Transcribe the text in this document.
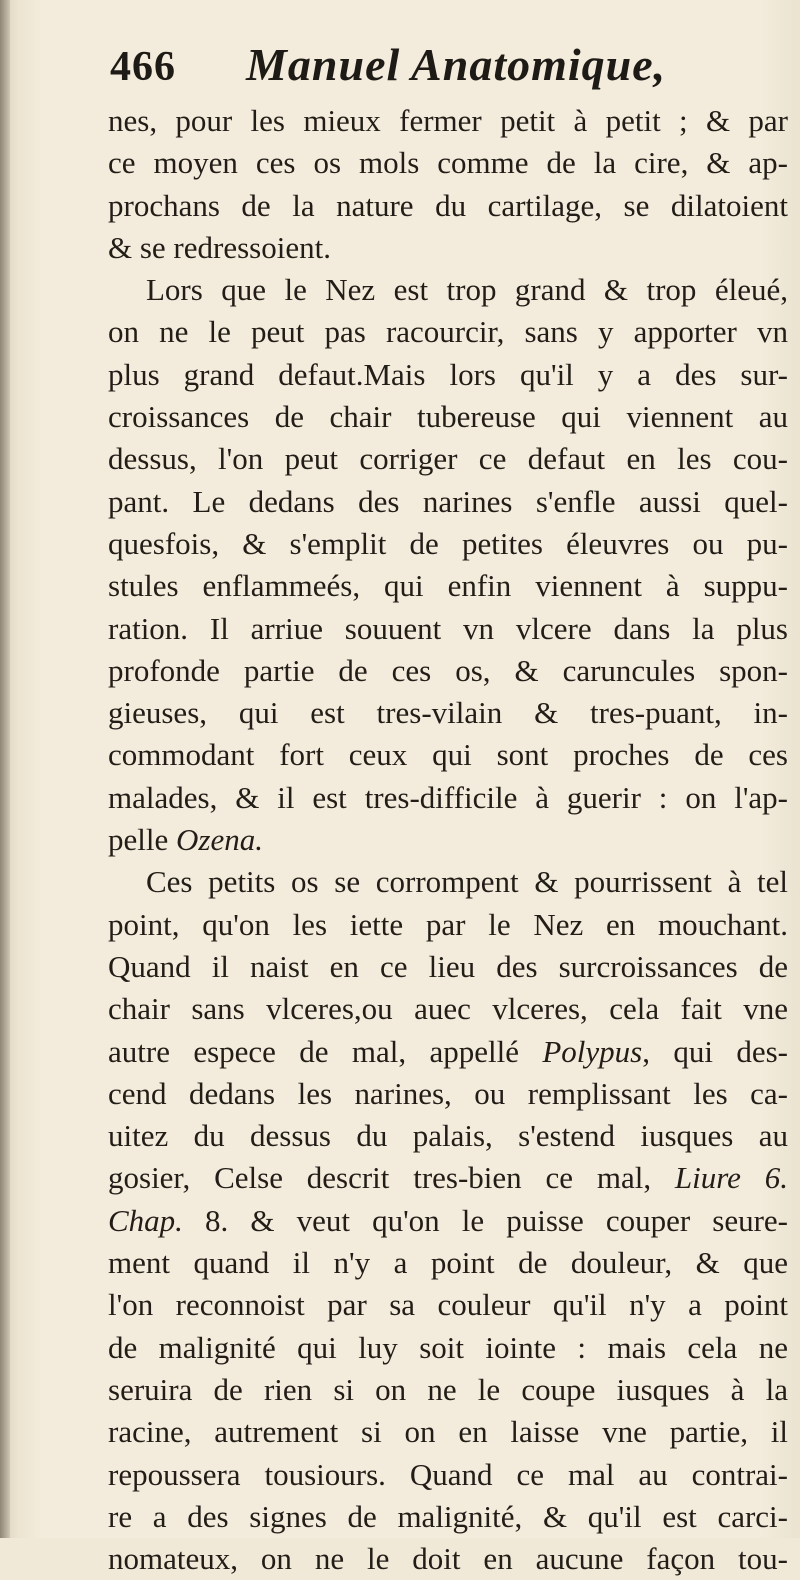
466 Manuel Anatomique,
nes, pour les mieux fermer petit à petit ; & par
ce moyen ces os mols comme de la cire, & ap-
prochans de la nature du cartilage, se dilatoient
& se redressoient.
Lors que le Nez est trop grand & trop éleué,
on ne le peut pas racourcir, sans y apporter vn
plus grand defaut.Mais lors qu'il y a des sur-
croissances de chair tubereuse qui viennent au
dessus, l'on peut corriger ce defaut en les cou-
pant. Le dedans des narines s'enfle aussi quel-
quesfois, & s'emplit de petites éleuvres ou pu-
stules enflammeés, qui enfin viennent à suppu-
ration. Il arriue souuent vn vlcere dans la plus
profonde partie de ces os, & caruncules spon-
gieuses, qui est tres-vilain & tres-puant, in-
commodant fort ceux qui sont proches de ces
malades, & il est tres-difficile à guerir : on l'ap-
pelle Ozena.
Ces petits os se corrompent & pourrissent à tel
point, qu'on les iette par le Nez en mouchant.
Quand il naist en ce lieu des surcroissances de
chair sans vlceres,ou auec vlceres, cela fait vne
autre espece de mal, appellé Polypus, qui des-
cend dedans les narines, ou remplissant les ca-
uitez du dessus du palais, s'estend iusques au
gosier, Celse descrit tres-bien ce mal, Liure 6.
Chap. 8. & veut qu'on le puisse couper seure-
ment quand il n'y a point de douleur, & que
l'on reconnoist par sa couleur qu'il n'y a point
de malignité qui luy soit iointe : mais cela ne
seruira de rien si on ne le coupe iusques à la
racine, autrement si on en laisse vne partie, il
repoussera tousiours. Quand ce mal au contrai-
re a des signes de malignité, & qu'il est carci-
nomateux, on ne le doit en aucune façon tou-
